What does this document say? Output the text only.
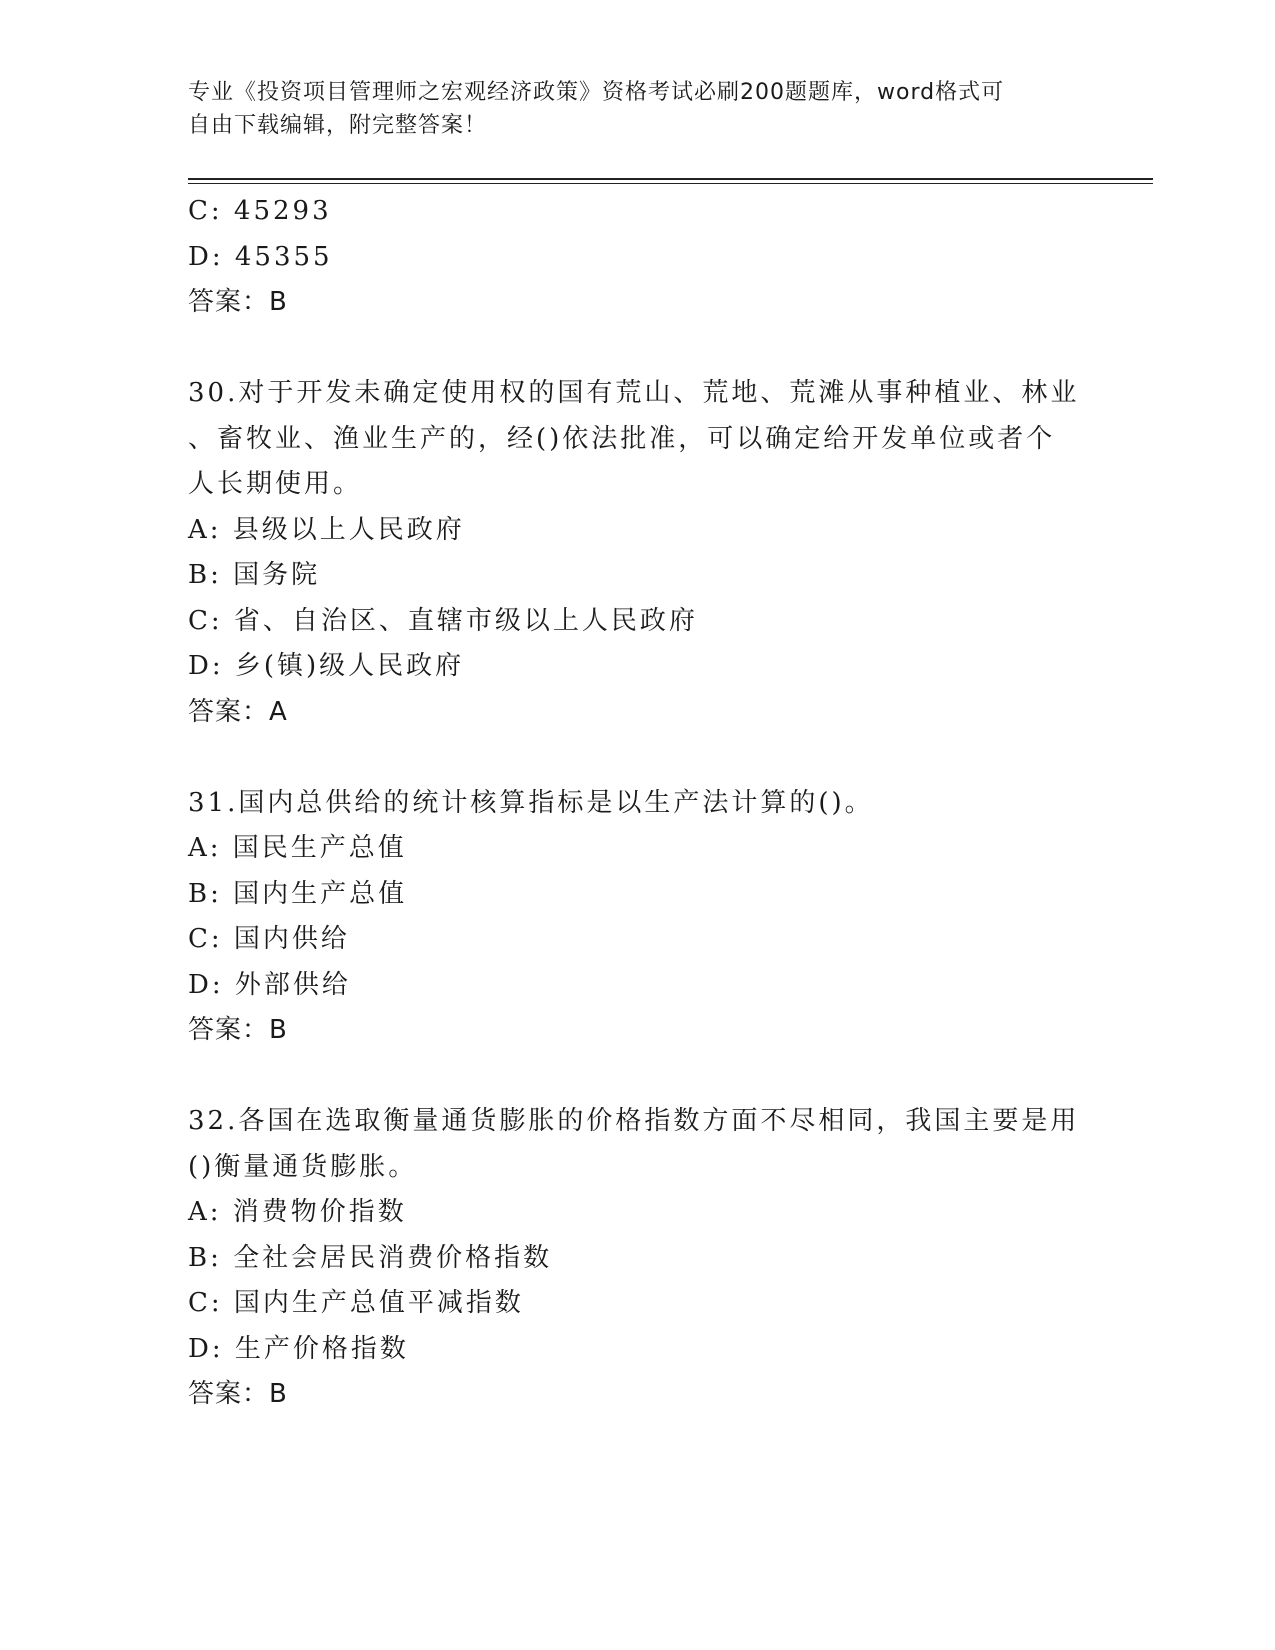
专业《投资项目管理师之宏观经济政策》资格考试必刷200题题库，word格式可
自由下载编辑，附完整答案！
C: 45293
D: 45355
答案：B
30.对于开发未确定使用权的国有荒山、荒地、荒滩从事种植业、林业
、畜牧业、渔业生产的，经()依法批准，可以确定给开发单位或者个
人长期使用。
A: 县级以上人民政府
B: 国务院
C: 省、自治区、直辖市级以上人民政府
D: 乡(镇)级人民政府
答案：A
31.国内总供给的统计核算指标是以生产法计算的()。
A: 国民生产总值
B: 国内生产总值
C: 国内供给
D: 外部供给
答案：B
32.各国在选取衡量通货膨胀的价格指数方面不尽相同，我国主要是用
()衡量通货膨胀。
A: 消费物价指数
B: 全社会居民消费价格指数
C: 国内生产总值平减指数
D: 生产价格指数
答案：B
